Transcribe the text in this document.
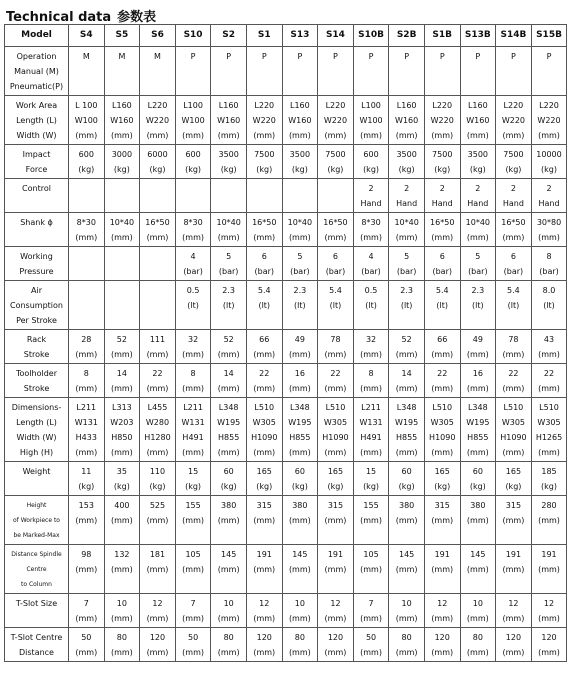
Technical data 参数表
Model	S4	S5	S6	S10	S2	S1	S13	S14	S10B	S2B	S1B	S13B	S14B	S15B

Operation
Manual (M)
Pneumatic(P)	M	M	M	P	P	P	P	P	P	P	P	P	P	P

Work Area
Length (L)
Width (W)	L 100
W100
(mm)	L160
W160
(mm)	L220
W220
(mm)	L100
W100
(mm)	L160
W160
(mm)	L220
W220
(mm)	L160
W160
(mm)	L220
W220
(mm)	L100
W100
(mm)	L160
W160
(mm)	L220
W220
(mm)	L160
W160
(mm)	L220
W220
(mm)	L220
W220
(mm)

Impact
Force	600
(kg)	3000
(kg)	6000
(kg)	600
(kg)	3500
(kg)	7500
(kg)	3500
(kg)	7500
(kg)	600
(kg)	3500
(kg)	7500
(kg)	3500
(kg)	7500
(kg)	10000
(kg)

Control									2
Hand	2
Hand	2
Hand	2
Hand	2
Hand	2
Hand

Shank ϕ	8*30
(mm)	10*40
(mm)	16*50
(mm)	8*30
(mm)	10*40
(mm)	16*50
(mm)	10*40
(mm)	16*50
(mm)	8*30
(mm)	10*40
(mm)	16*50
(mm)	10*40
(mm)	16*50
(mm)	30*80
(mm)

Working
Pressure				4
(bar)	5
(bar)	6
(bar)	5
(bar)	6
(bar)	4
(bar)	5
(bar)	6
(bar)	5
(bar)	6
(bar)	8
(bar)

Air
Consumption
Per Stroke				0.5
(lt)	2.3
(lt)	5.4
(lt)	2.3
(lt)	5.4
(lt)	0.5
(lt)	2.3
(lt)	5.4
(lt)	2.3
(lt)	5.4
(lt)	8.0
(lt)

Rack
Stroke	28
(mm)	52
(mm)	111
(mm)	32
(mm)	52
(mm)	66
(mm)	49
(mm)	78
(mm)	32
(mm)	52
(mm)	66
(mm)	49
(mm)	78
(mm)	43
(mm)

Toolholder
Stroke	8
(mm)	14
(mm)	22
(mm)	8
(mm)	14
(mm)	22
(mm)	16
(mm)	22
(mm)	8
(mm)	14
(mm)	22
(mm)	16
(mm)	22
(mm)	22
(mm)

Dimensions-
Length (L)
Width (W)
High (H)	L211
W131
H433
(mm)	L313
W203
H850
(mm)	L455
W280
H1280
(mm)	L211
W131
H491
(mm)	L348
W195
H855
(mm)	L510
W305
H1090
(mm)	L348
W195
H855
(mm)	L510
W305
H1090
(mm)	L211
W131
H491
(mm)	L348
W195
H855
(mm)	L510
W305
H1090
(mm)	L348
W195
H855
(mm)	L510
W305
H1090
(mm)	L510
W305
H1265
(mm)

Weight	11
(kg)	35
(kg)	110
(kg)	15
(kg)	60
(kg)	165
(kg)	60
(kg)	165
(kg)	15
(kg)	60
(kg)	165
(kg)	60
(kg)	165
(kg)	185
(kg)

Height
of Workpiece to
be Marked-Max	153
(mm)	400
(mm)	525
(mm)	155
(mm)	380
(mm)	315
(mm)	380
(mm)	315
(mm)	155
(mm)	380
(mm)	315
(mm)	380
(mm)	315
(mm)	280
(mm)

Distance Spindle
Centre
to Column	98
(mm)	132
(mm)	181
(mm)	105
(mm)	145
(mm)	191
(mm)	145
(mm)	191
(mm)	105
(mm)	145
(mm)	191
(mm)	145
(mm)	191
(mm)	191
(mm)

T-Slot Size	7
(mm)	10
(mm)	12
(mm)	7
(mm)	10
(mm)	12
(mm)	10
(mm)	12
(mm)	7
(mm)	10
(mm)	12
(mm)	10
(mm)	12
(mm)	12
(mm)

T-Slot Centre
Distance	50
(mm)	80
(mm)	120
(mm)	50
(mm)	80
(mm)	120
(mm)	80
(mm)	120
(mm)	50
(mm)	80
(mm)	120
(mm)	80
(mm)	120
(mm)	120
(mm)
